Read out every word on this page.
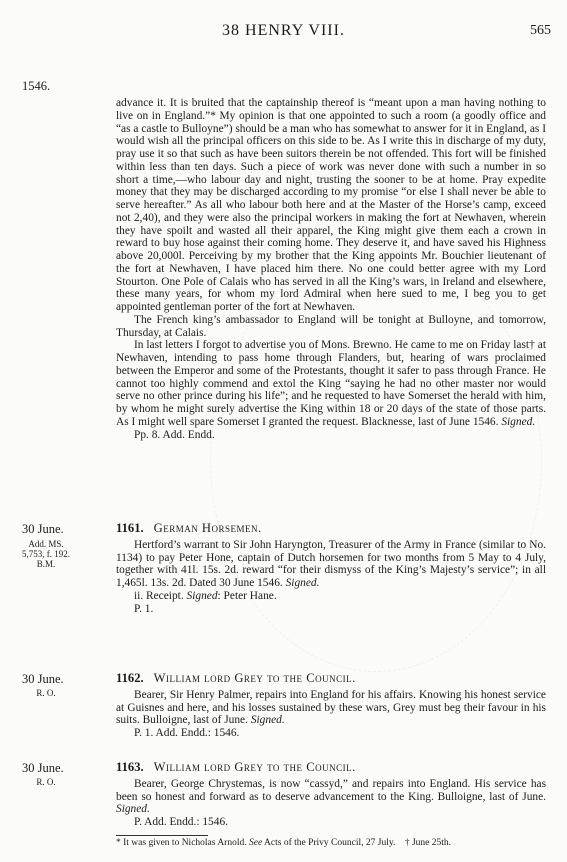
38 HENRY VIII.	565
1546.
30 June.
Add. MS.
5,753, f. 192.
B.M.
30 June.
R. O.
30 June.
R. O.

advance it. It is bruited that the captainship thereof is “meant upon a man having nothing to live on in England.”* My opinion is that one appointed to such a room (a goodly office and “as a castle to Bulloyne”) should be a man who has somewhat to answer for it in England, as I would wish all the principal officers on this side to be. As I write this in discharge of my duty, pray use it so that such as have been suitors therein be not offended. This fort will be finished within less than ten days. Such a piece of work was never done with such a number in so short a time,—who labour day and night, trusting the sooner to be at home. Pray expedite money that they may be discharged according to my promise “or else I shall never be able to serve hereafter.” As all who labour both here and at the Master of the Horse’s camp, exceed not 2,40), and they were also the principal workers in making the fort at Newhaven, wherein they have spoilt and wasted all their apparel, the King might give them each a crown in reward to buy hose against their coming home. They deserve it, and have saved his Highness above 20,000l. Perceiving by my brother that the King appoints Mr. Bouchier lieutenant of the fort at Newhaven, I have placed him there. No one could better agree with my Lord Stourton. One Pole of Calais who has served in all the King’s wars, in Ireland and elsewhere, these many years, for whom my lord Admiral when here sued to me, I beg you to get appointed gentleman porter of the fort at Newhaven.

The French king’s ambassador to England will be tonight at Bulloyne, and tomorrow, Thursday, at Calais.

In last letters I forgot to advertise you of Mons. Brewno. He came to me on Friday last† at Newhaven, intending to pass home through Flanders, but, hearing of wars proclaimed between the Emperor and some of the Protestants, thought it safer to pass through France. He cannot too highly commend and extol the King “saying he had no other master nor would serve no other prince during his life”; and he requested to have Somerset the herald with him, by whom he might surely advertise the King within 18 or 20 days of the state of those parts. As I might well spare Somerset I granted the request. Blacknesse, last of June 1546. Signed.

Pp. 8. Add. Endd.
1161. German Horsemen.

Hertford’s warrant to Sir John Haryngton, Treasurer of the Army in France (similar to No. 1134) to pay Peter Hone, captain of Dutch horsemen for two months from 5 May to 4 July, together with 41l. 15s. 2d. reward “for their dismyss of the King’s Majesty’s service”; in all 1,465l. 13s. 2d. Dated 30 June 1546. Signed.

ii. Receipt. Signed: Peter Hane.
P. 1.
1162. William lord Grey to the Council.

Bearer, Sir Henry Palmer, repairs into England for his affairs. Knowing his honest service at Guisnes and here, and his losses sustained by these wars, Grey must beg their favour in his suits. Bulloigne, last of June. Signed.

P. 1. Add. Endd.: 1546.
1163. William lord Grey to the Council.

Bearer, George Chrystemas, is now “cassyd,” and repairs into England. His service has been so honest and forward as to deserve advancement to the King. Bulloigne, last of June. Signed.

P. Add. Endd.: 1546.
* It was given to Nicholas Arnold. See Acts of the Privy Council, 27 July. † June 25th.
